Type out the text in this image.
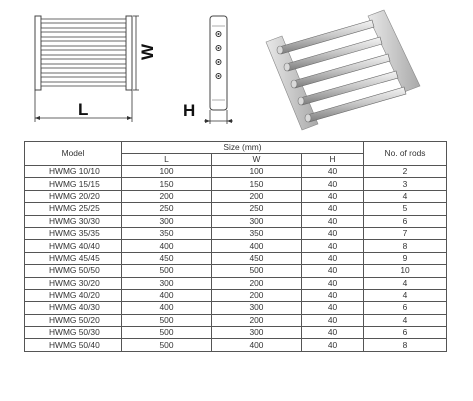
W
L	H
Model	Size (mm)			No. of rods
	L	W	H	
HWMG 10/10	100	100	40	2
HWMG 15/15	150	150	40	3
HWMG 20/20	200	200	40	4
HWMG 25/25	250	250	40	5
HWMG 30/30	300	300	40	6
HWMG 35/35	350	350	40	7
HWMG 40/40	400	400	40	8
HWMG 45/45	450	450	40	9
HWMG 50/50	500	500	40	10
HWMG 30/20	300	200	40	4
HWMG 40/20	400	200	40	4
HWMG 40/30	400	300	40	6
HWMG 50/20	500	200	40	4
HWMG 50/30	500	300	40	6
HWMG 50/40	500	400	40	8
